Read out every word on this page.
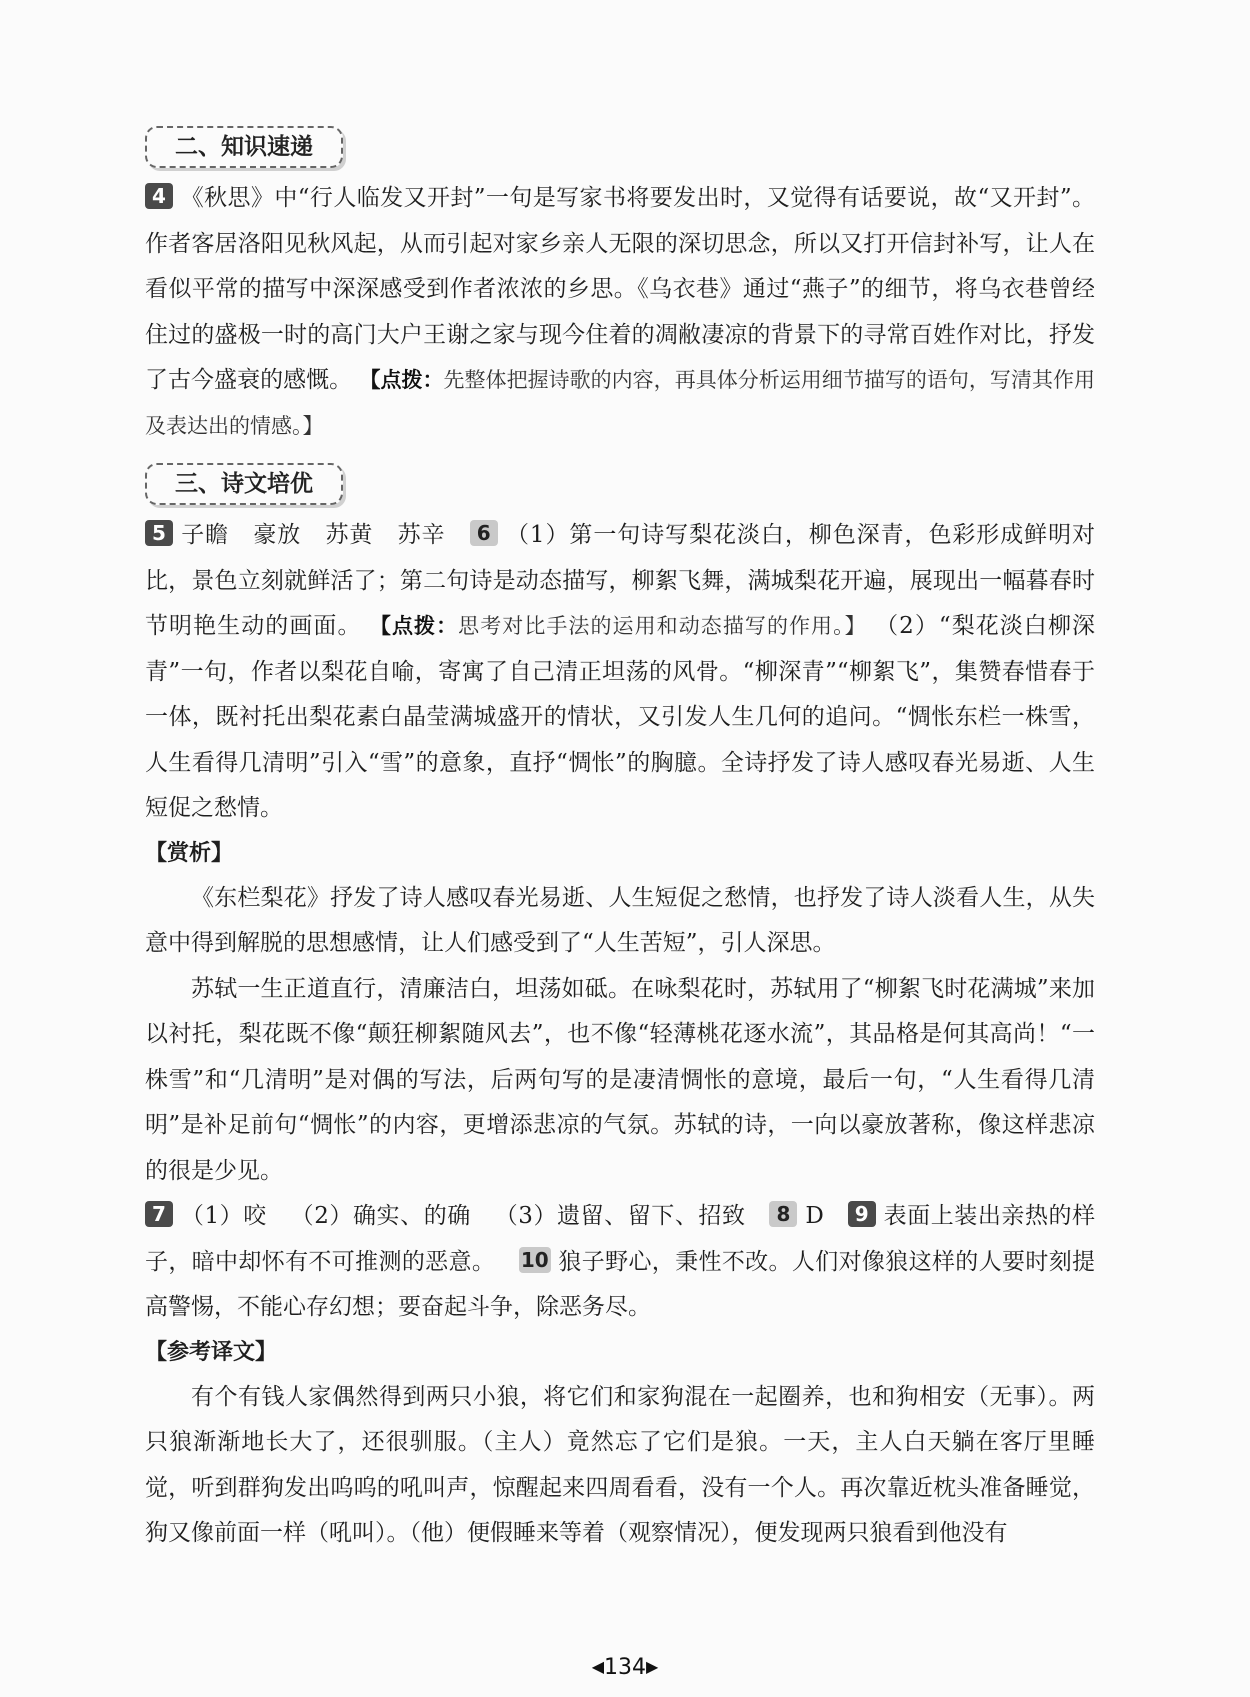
二、知识速递

4 《秋思》中“行人临发又开封”一句是写家书将要发出时，又觉得有话要说，故“又开封”。作者客居洛阳见秋风起，从而引起对家乡亲人无限的深切思念，所以又打开信封补写，让人在看似平常的描写中深深感受到作者浓浓的乡思。《乌衣巷》通过“燕子”的细节，将乌衣巷曾经住过的盛极一时的高门大户王谢之家与现今住着的凋敝凄凉的背景下的寻常百姓作对比，抒发了古今盛衰的感慨。 【点拨：先整体把握诗歌的内容，再具体分析运用细节描写的语句，写清其作用及表达出的情感。】

三、诗文培优

5 子瞻 豪放 苏黄 苏辛 6 （1）第一句诗写梨花淡白，柳色深青，色彩形成鲜明对比，景色立刻就鲜活了；第二句诗是动态描写，柳絮飞舞，满城梨花开遍，展现出一幅暮春时节明艳生动的画面。 【点拨：思考对比手法的运用和动态描写的作用。】 （2）“梨花淡白柳深青”一句，作者以梨花自喻，寄寓了自己清正坦荡的风骨。“柳深青”“柳絮飞”，集赞春惜春于一体，既衬托出梨花素白晶莹满城盛开的情状，又引发人生几何的追问。“惆怅东栏一株雪，人生看得几清明”引入“雪”的意象，直抒“惆怅”的胸臆。全诗抒发了诗人感叹春光易逝、人生短促之愁情。

【赏析】

《东栏梨花》抒发了诗人感叹春光易逝、人生短促之愁情，也抒发了诗人淡看人生，从失意中得到解脱的思想感情，让人们感受到了“人生苦短”，引人深思。

苏轼一生正道直行，清廉洁白，坦荡如砥。在咏梨花时，苏轼用了“柳絮飞时花满城”来加以衬托，梨花既不像“颠狂柳絮随风去”，也不像“轻薄桃花逐水流”，其品格是何其高尚！“一株雪”和“几清明”是对偶的写法，后两句写的是凄清惆怅的意境，最后一句，“人生看得几清明”是补足前句“惆怅”的内容，更增添悲凉的气氛。苏轼的诗，一向以豪放著称，像这样悲凉的很是少见。

7 （1）咬 （2）确实、的确 （3）遗留、留下、招致 8 D 9 表面上装出亲热的样子，暗中却怀有不可推测的恶意。 10 狼子野心，秉性不改。人们对像狼这样的人要时刻提高警惕，不能心存幻想；要奋起斗争，除恶务尽。

【参考译文】

有个有钱人家偶然得到两只小狼，将它们和家狗混在一起圈养，也和狗相安（无事）。两只狼渐渐地长大了，还很驯服。（主人）竟然忘了它们是狼。一天，主人白天躺在客厅里睡觉，听到群狗发出呜呜的吼叫声，惊醒起来四周看看，没有一个人。再次靠近枕头准备睡觉，狗又像前面一样（吼叫）。（他）便假睡来等着（观察情况），便发现两只狼看到他没有

◀134▶
